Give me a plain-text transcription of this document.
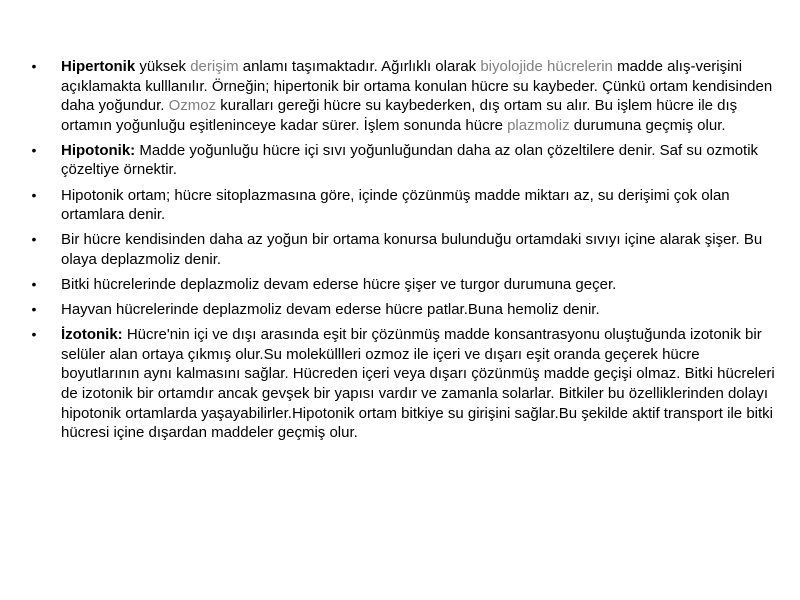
• Hipertonik yüksek derişim anlamı taşımaktadır. Ağırlıklı olarak biyolojide hücrelerin madde alış-verişini açıklamakta kulllanılır. Örneğin; hipertonik bir ortama konulan hücre su kaybeder. Çünkü ortam kendisinden daha yoğundur. Ozmoz kuralları gereği hücre su kaybederken, dış ortam su alır. Bu işlem hücre ile dış ortamın yoğunluğu eşitleninceye kadar sürer. İşlem sonunda hücre plazmoliz durumuna geçmiş olur.
• Hipotonik: Madde yoğunluğu hücre içi sıvı yoğunluğundan daha az olan çözeltilere denir. Saf su ozmotik çözeltiye örnektir.
• Hipotonik ortam; hücre sitoplazmasına göre, içinde çözünmüş madde miktarı az, su derişimi çok olan ortamlara denir.
• Bir hücre kendisinden daha az yoğun bir ortama konursa bulunduğu ortamdaki sıvıyı içine alarak şişer. Bu olaya deplazmoliz denir.
• Bitki hücrelerinde deplazmoliz devam ederse hücre şişer ve turgor durumuna geçer.
• Hayvan hücrelerinde deplazmoliz devam ederse hücre patlar.Buna hemoliz denir.
• İzotonik: Hücre'nin içi ve dışı arasında eşit bir çözünmüş madde konsantrasyonu oluştuğunda izotonik bir selüler alan ortaya çıkmış olur.Su moleküllleri ozmoz ile içeri ve dışarı eşit oranda geçerek hücre boyutlarının aynı kalmasını sağlar. Hücreden içeri veya dışarı çözünmüş madde geçişi olmaz. Bitki hücreleri de izotonik bir ortamdır ancak gevşek bir yapısı vardır ve zamanla solarlar. Bitkiler bu özelliklerinden dolayı hipotonik ortamlarda yaşayabilirler.Hipotonik ortam bitkiye su girişini sağlar.Bu şekilde aktif transport ile bitki hücresi içine dışardan maddeler geçmiş olur.
